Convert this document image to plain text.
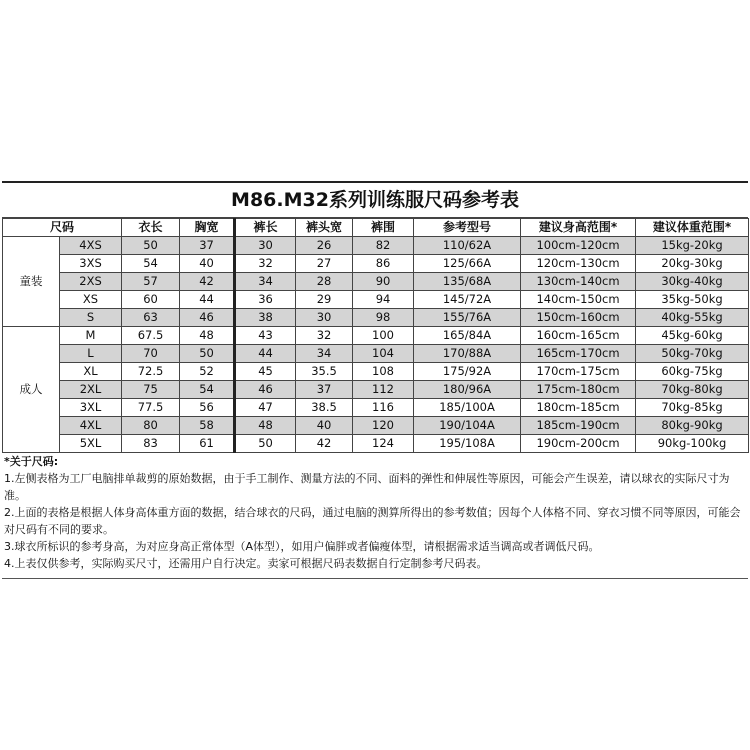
M86.M32系列训练服尺码参考表
尺码		衣长	胸宽	裤长	裤头宽	裤围	参考型号	建议身高范围*	建议体重范围*
童装	4XS	50	37	30	26	82	110/62A	100cm-120cm	15kg-20kg
	3XS	54	40	32	27	86	125/66A	120cm-130cm	20kg-30kg
	2XS	57	42	34	28	90	135/68A	130cm-140cm	30kg-40kg
	XS	60	44	36	29	94	145/72A	140cm-150cm	35kg-50kg
	S	63	46	38	30	98	155/76A	150cm-160cm	40kg-55kg
成人	M	67.5	48	43	32	100	165/84A	160cm-165cm	45kg-60kg
	L	70	50	44	34	104	170/88A	165cm-170cm	50kg-70kg
	XL	72.5	52	45	35.5	108	175/92A	170cm-175cm	60kg-75kg
	2XL	75	54	46	37	112	180/96A	175cm-180cm	70kg-80kg
	3XL	77.5	56	47	38.5	116	185/100A	180cm-185cm	70kg-85kg
	4XL	80	58	48	40	120	190/104A	185cm-190cm	80kg-90kg
	5XL	83	61	50	42	124	195/108A	190cm-200cm	90kg-100kg
*关于尺码:
1.左侧表格为工厂电脑排单裁剪的原始数据，由于手工制作、测量方法的不同、面料的弹性和伸展性等原因，可能会产生误差，请以球衣的实际尺寸为准。
2.上面的表格是根据人体身高体重方面的数据，结合球衣的尺码，通过电脑的测算所得出的参考数值；因每个人体格不同、穿衣习惯不同等原因，可能会对尺码有不同的要求。
3.球衣所标识的参考身高，为对应身高正常体型（A体型），如用户偏胖或者偏瘦体型，请根据需求适当调高或者调低尺码。
4.上表仅供参考，实际购买尺寸，还需用户自行决定。卖家可根据尺码表数据自行定制参考尺码表。
